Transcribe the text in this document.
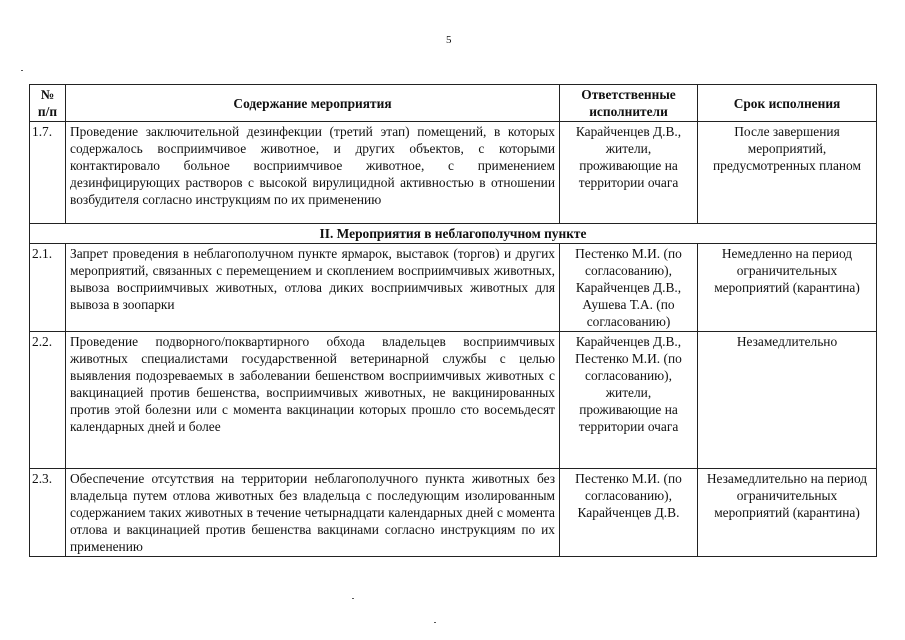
5
№ п/п	Содержание мероприятия	Ответственные исполнители	Срок исполнения
1.7.	Проведение заключительной дезинфекции (третий этап) помещений, в которых содержалось восприимчивое животное, и других объектов, с которыми контактировало больное восприимчивое животное, с применением дезинфицирующих растворов с высокой вирулицидной активностью в отношении возбудителя согласно инструкциям по их применению	Карайченцев Д.В., жители, проживающие на территории очага	После завершения мероприятий, предусмотренных планом
II. Мероприятия в неблагополучном пункте			
2.1.	Запрет проведения в неблагополучном пункте ярмарок, выставок (торгов) и других мероприятий, связанных с перемещением и скоплением восприимчивых животных, вывоза восприимчивых животных, отлова диких восприимчивых животных для вывоза в зоопарки	Пестенко М.И. (по согласованию), Карайченцев Д.В., Аушева Т.А. (по согласованию)	Немедленно на период ограничительных мероприятий (карантина)
2.2.	Проведение подворного/поквартирного обхода владельцев восприимчивых животных специалистами государственной ветеринарной службы с целью выявления подозреваемых в заболевании бешенством восприимчивых животных с вакцинацией против бешенства, восприимчивых животных, не вакцинированных против этой болезни или с момента вакцинации которых прошло сто восемьдесят календарных дней и более	Карайченцев Д.В., Пестенко М.И. (по согласованию), жители, проживающие на территории очага	Незамедлительно
2.3.	Обеспечение отсутствия на территории неблагополучного пункта животных без владельца путем отлова животных без владельца с последующим изолированным содержанием таких животных в течение четырнадцати календарных дней с момента отлова и вакцинацией против бешенства вакцинами согласно инструкциям по их применению	Пестенко М.И. (по согласованию), Карайченцев Д.В.	Незамедлительно на период ограничительных мероприятий (карантина)
